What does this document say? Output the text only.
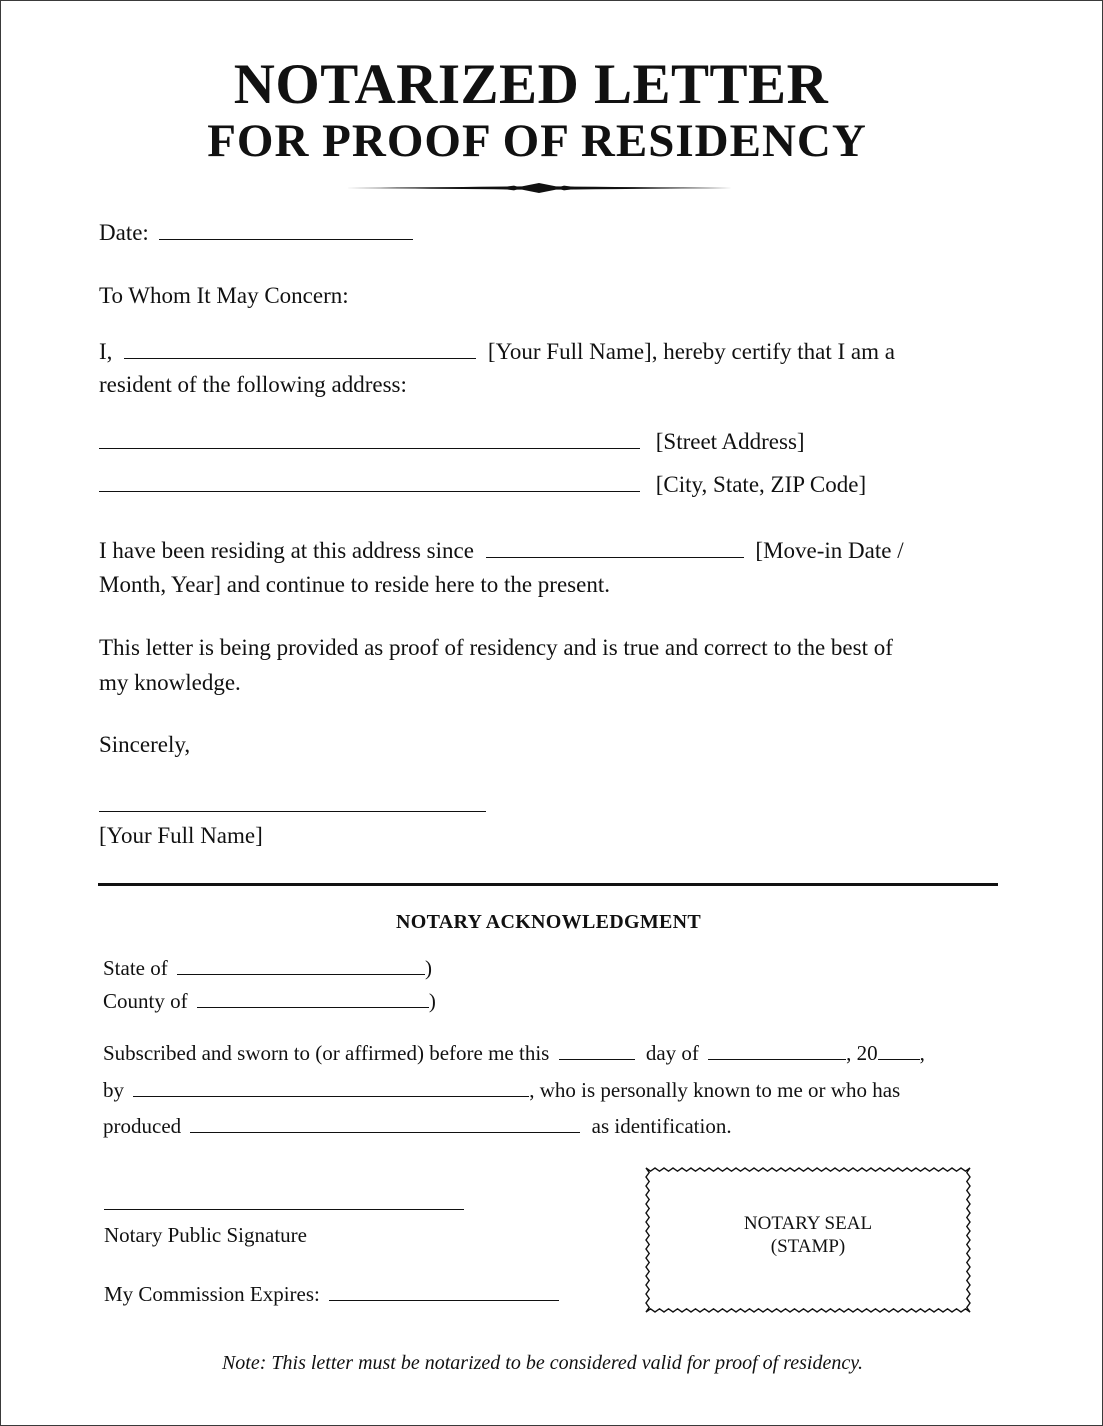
NOTARIZED LETTER
FOR PROOF OF RESIDENCY
Date:
To Whom It May Concern:
I,	[Your Full Name], hereby certify that I am a
resident of the following address:
[Street Address]
[City, State, ZIP Code]
I have been residing at this address since	[Move-in Date /
Month, Year] and continue to reside here to the present.
This letter is being provided as proof of residency and is true and correct to the best of
my knowledge.
Sincerely,
[Your Full Name]
NOTARY ACKNOWLEDGMENT
State of	)
County of	)
Subscribed and sworn to (or affirmed) before me this	day of	, 20 ,
by	, who is personally known to me or who has
produced	as identification.
Notary Public Signature
My Commission Expires:
NOTARY SEAL
(STAMP)
Note: This letter must be notarized to be considered valid for proof of residency.
